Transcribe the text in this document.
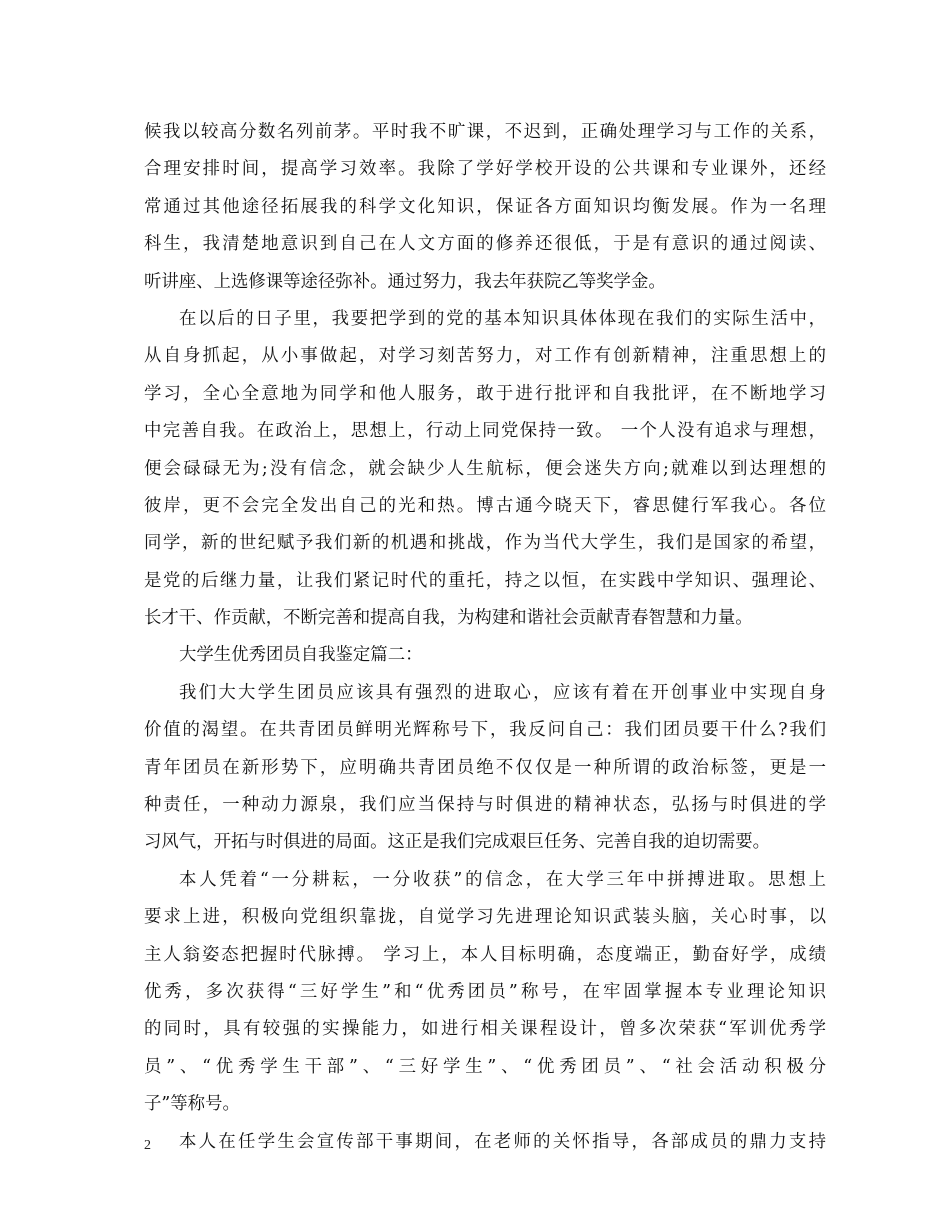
候我以较高分数名列前茅。平时我不旷课，不迟到，正确处理学习与工作的关系，
合理安排时间，提高学习效率。我除了学好学校开设的公共课和专业课外，还经
常通过其他途径拓展我的科学文化知识，保证各方面知识均衡发展。作为一名理
科生，我清楚地意识到自己在人文方面的修养还很低，于是有意识的通过阅读、
听讲座、上选修课等途径弥补。通过努力，我去年获院乙等奖学金。
在以后的日子里，我要把学到的党的基本知识具体体现在我们的实际生活中，
从自身抓起，从小事做起，对学习刻苦努力，对工作有创新精神，注重思想上的
学习，全心全意地为同学和他人服务，敢于进行批评和自我批评，在不断地学习
中完善自我。在政治上，思想上，行动上同党保持一致。 一个人没有追求与理想，
便会碌碌无为;没有信念，就会缺少人生航标，便会迷失方向;就难以到达理想的
彼岸，更不会完全发出自己的光和热。博古通今晓天下，睿思健行军我心。各位
同学，新的世纪赋予我们新的机遇和挑战，作为当代大学生，我们是国家的希望，
是党的后继力量，让我们紧记时代的重托，持之以恒，在实践中学知识、强理论、
长才干、作贡献，不断完善和提高自我，为构建和谐社会贡献青春智慧和力量。
大学生优秀团员自我鉴定篇二：
我们大大学生团员应该具有强烈的进取心，应该有着在开创事业中实现自身
价值的渴望。在共青团员鲜明光辉称号下，我反问自己：我们团员要干什么?我们
青年团员在新形势下，应明确共青团员绝不仅仅是一种所谓的政治标签，更是一
种责任，一种动力源泉，我们应当保持与时俱进的精神状态，弘扬与时俱进的学
习风气，开拓与时俱进的局面。这正是我们完成艰巨任务、完善自我的迫切需要。
本人凭着“一分耕耘，一分收获”的信念，在大学三年中拼搏进取。思想上
要求上进，积极向党组织靠拢，自觉学习先进理论知识武装头脑，关心时事，以
主人翁姿态把握时代脉搏。 学习上，本人目标明确，态度端正，勤奋好学，成绩
优秀，多次获得“三好学生”和“优秀团员”称号，在牢固掌握本专业理论知识
的同时，具有较强的实操能力，如进行相关课程设计，曾多次荣获“军训优秀学
员”、“优秀学生干部”、“三好学生”、“优秀团员”、“社会活动积极分
子”等称号。
本人在任学生会宣传部干事期间，在老师的关怀指导，各部成员的鼎力支持
2
